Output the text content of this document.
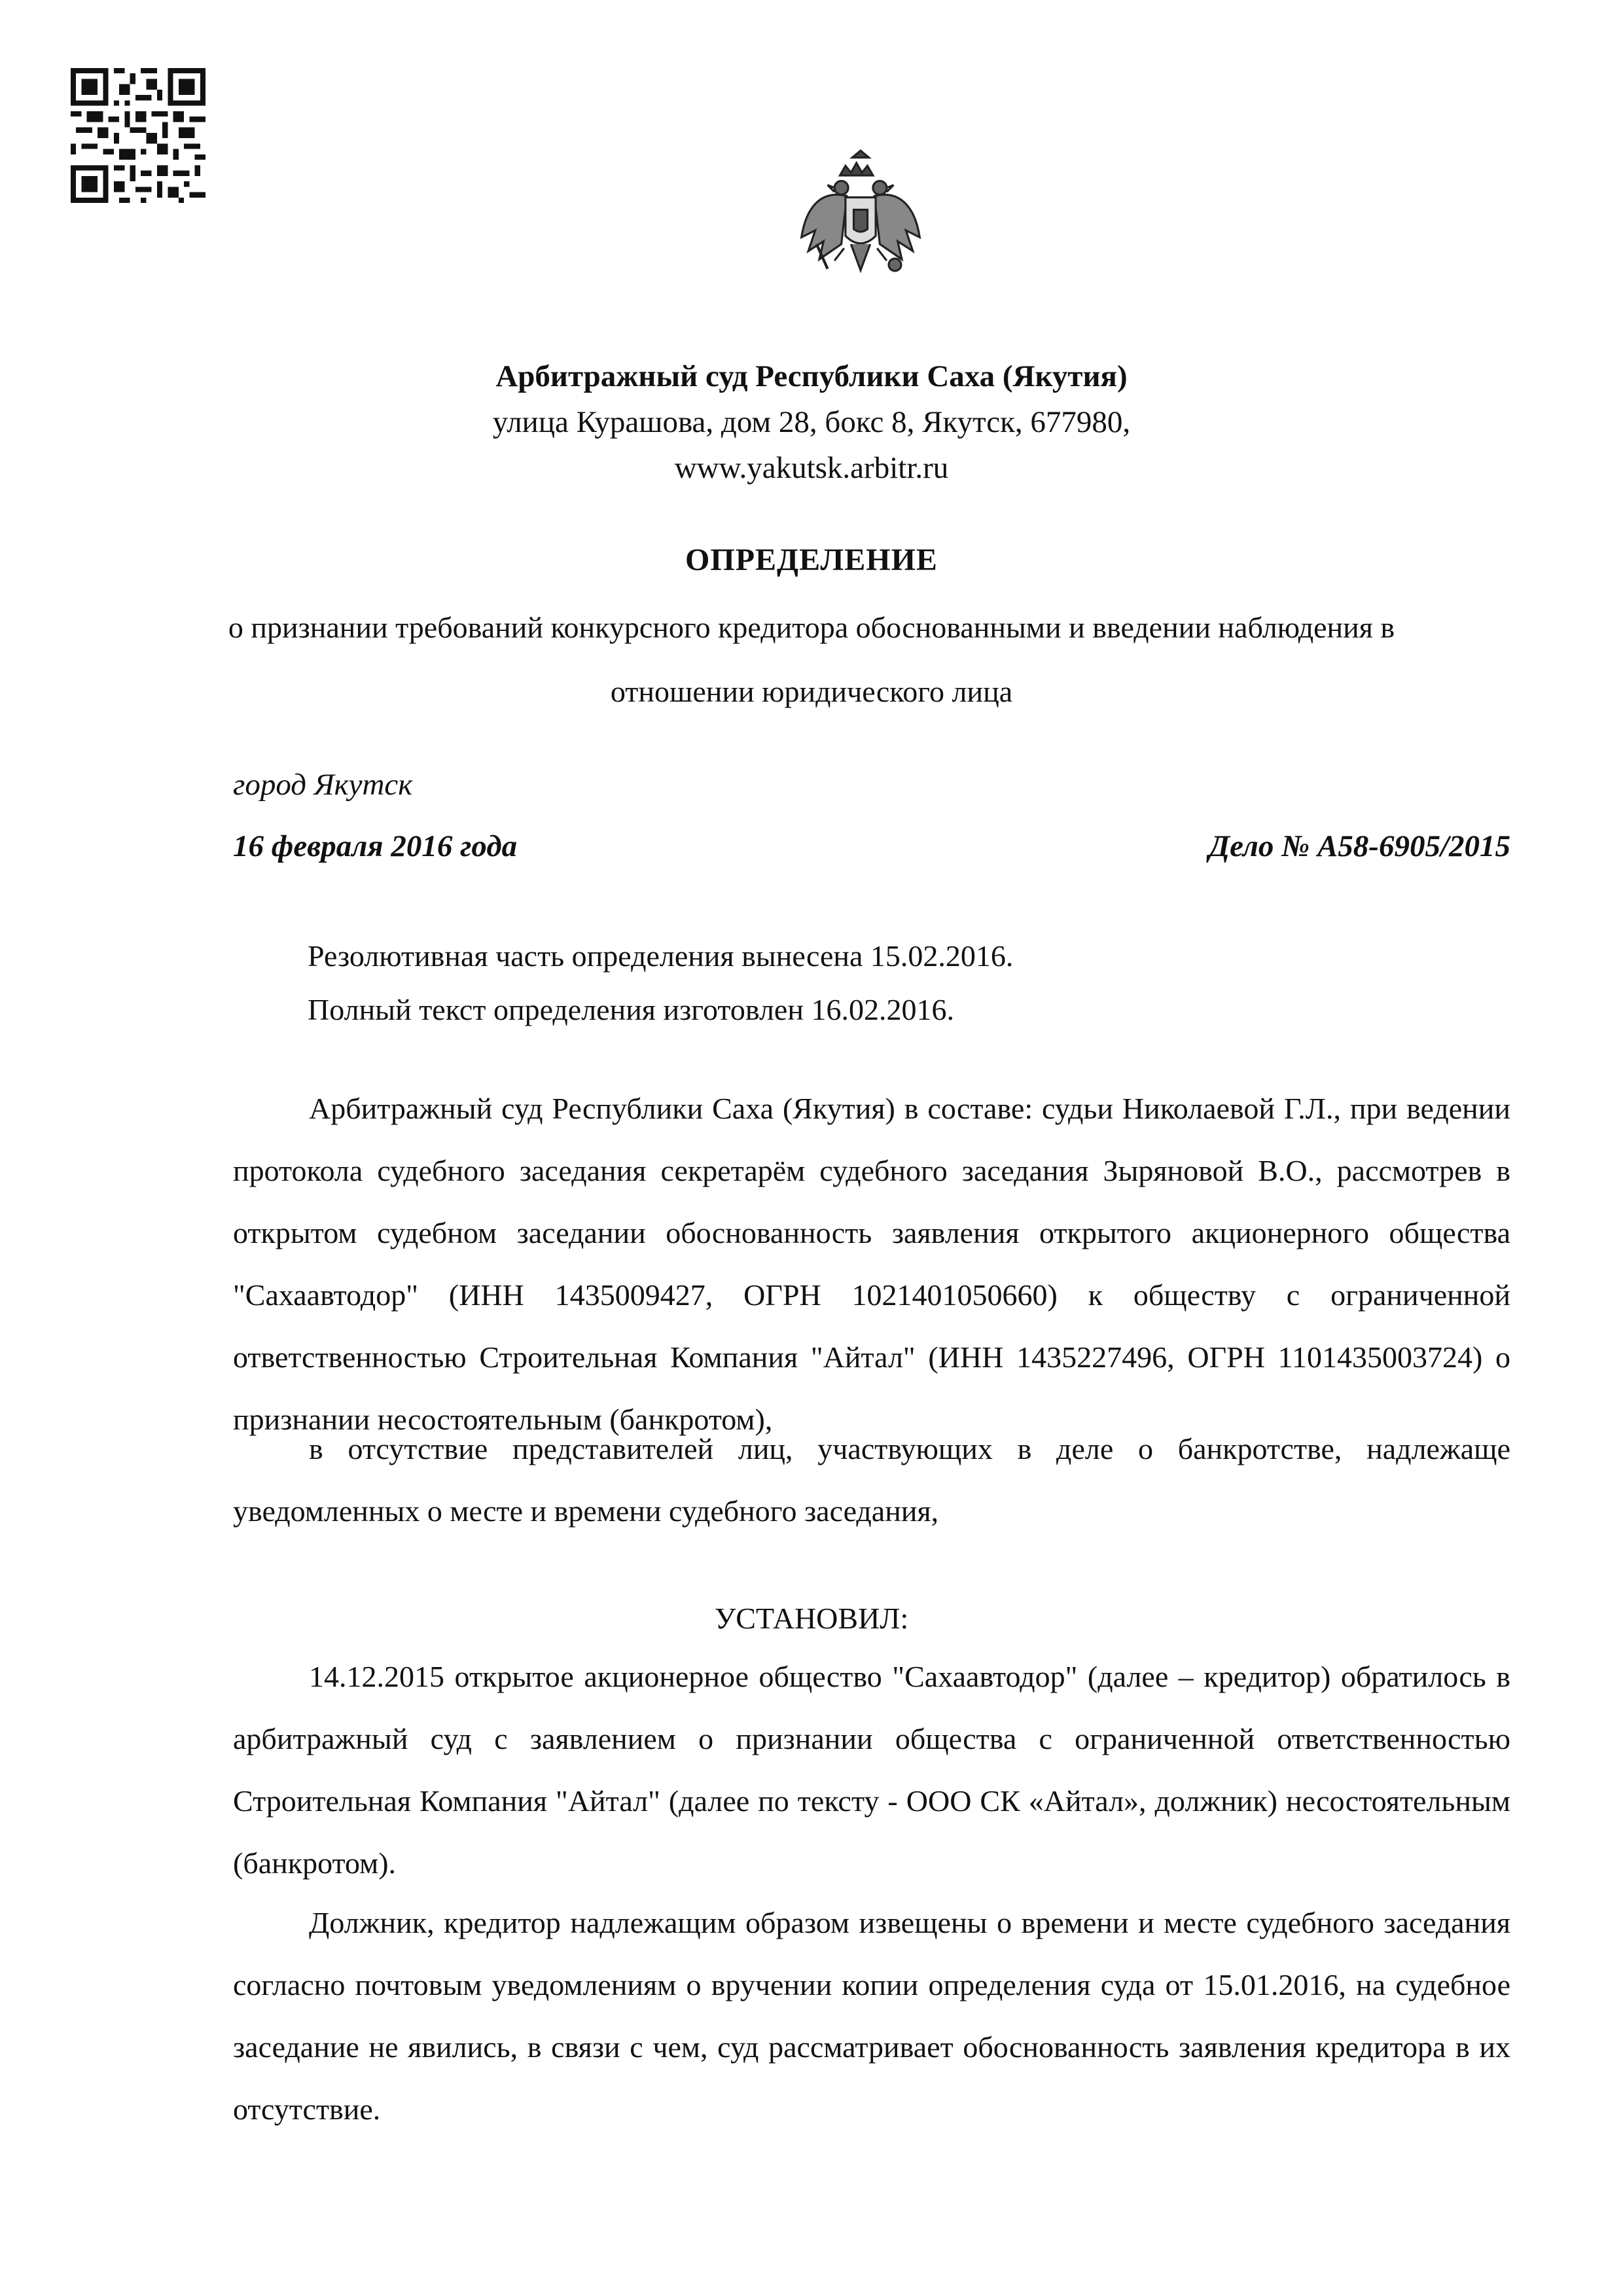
Арбитражный суд Республики Саха (Якутия)
улица Курашова, дом 28, бокс 8, Якутск, 677980,
www.yakutsk.arbitr.ru
ОПРЕДЕЛЕНИЕ
о признании требований конкурсного кредитора обоснованными и введении наблюдения в отношении юридического лица
город Якутск
16 февраля 2016 года	Дело № А58-6905/2015
Резолютивная часть определения вынесена 15.02.2016.
Полный текст определения изготовлен 16.02.2016.

Арбитражный суд Республики Саха (Якутия) в составе: судьи Николаевой Г.Л., при ведении протокола судебного заседания секретарём судебного заседания Зыряновой В.О., рассмотрев в открытом судебном заседании обоснованность заявления открытого акционерного общества "Сахаавтодор" (ИНН 1435009427, ОГРН 1021401050660) к обществу с ограниченной ответственностью Строительная Компания "Айтал" (ИНН 1435227496, ОГРН 1101435003724) о признании несостоятельным (банкротом),

в отсутствие представителей лиц, участвующих в деле о банкротстве, надлежаще уведомленных о месте и времени судебного заседания,

УСТАНОВИЛ:

14.12.2015 открытое акционерное общество "Сахаавтодор" (далее – кредитор) обратилось в арбитражный суд с заявлением о признании общества с ограниченной ответственностью Строительная Компания "Айтал" (далее по тексту - ООО СК «Айтал», должник) несостоятельным (банкротом).

Должник, кредитор надлежащим образом извещены о времени и месте судебного заседания согласно почтовым уведомлениям о вручении копии определения суда от 15.01.2016, на судебное заседание не явились, в связи с чем, суд рассматривает обоснованность заявления кредитора в их отсутствие.
